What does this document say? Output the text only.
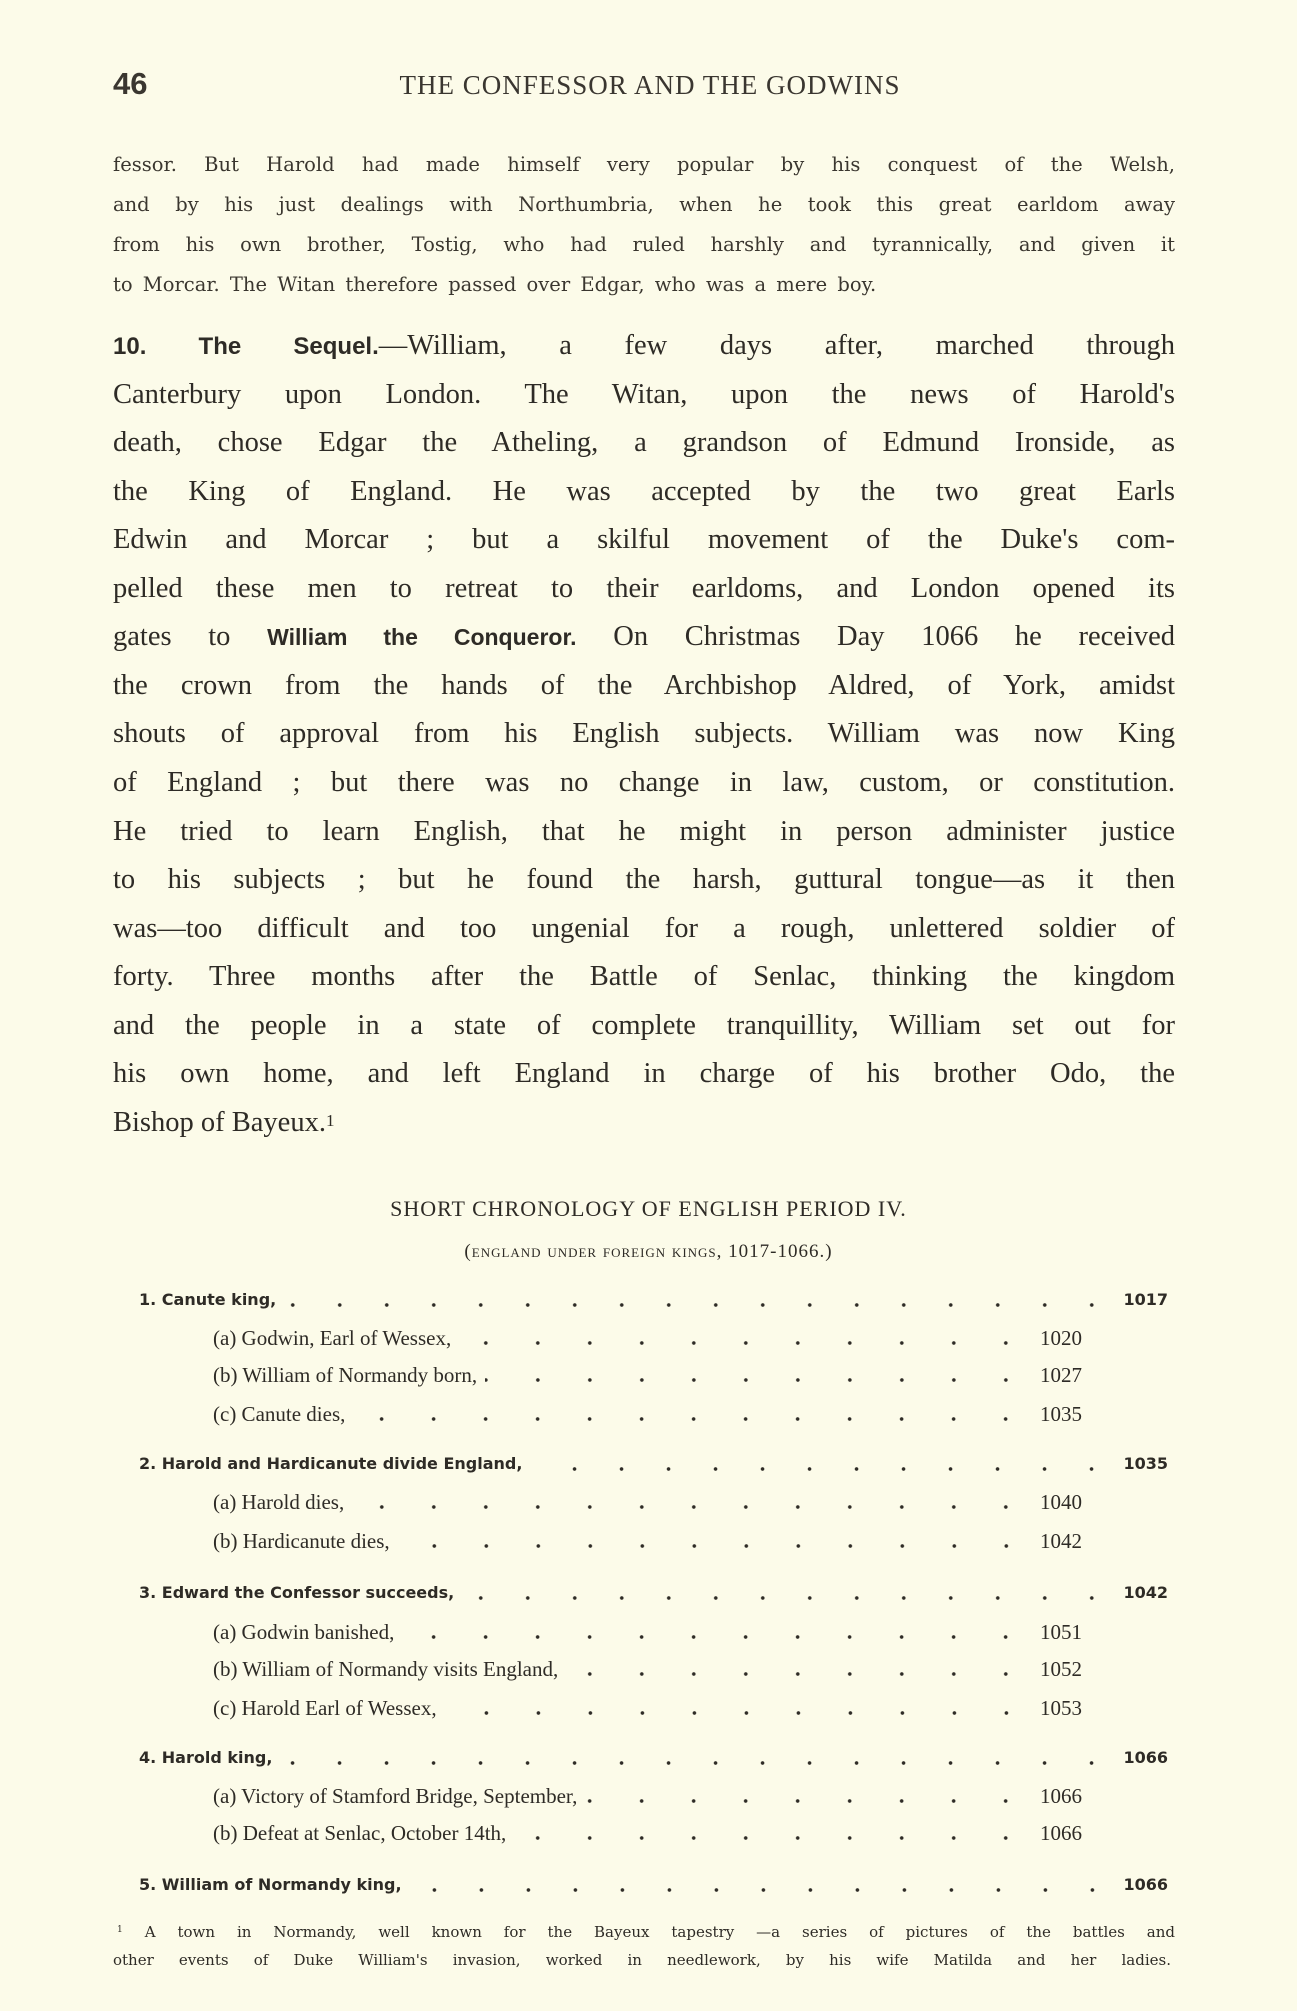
46	THE CONFESSOR AND THE GODWINS
fessor. But Harold had made himself very popular by his conquest of the Welsh,
and by his just dealings with Northumbria, when he took this great earldom away
from his own brother, Tostig, who had ruled harshly and tyrannically, and given it
to Morcar. The Witan therefore passed over Edgar, who was a mere boy.
10. The Sequel.—William, a few days after, marched through
Canterbury upon London. The Witan, upon the news of Harold's
death, chose Edgar the Atheling, a grandson of Edmund Ironside, as
the King of England. He was accepted by the two great Earls
Edwin and Morcar ; but a skilful movement of the Duke's com-
pelled these men to retreat to their earldoms, and London opened its
gates to William the Conqueror. On Christmas Day 1066 he received
the crown from the hands of the Archbishop Aldred, of York, amidst
shouts of approval from his English subjects. William was now King
of England ; but there was no change in law, custom, or constitution.
He tried to learn English, that he might in person administer justice
to his subjects ; but he found the harsh, guttural tongue—as it then
was—too difficult and too ungenial for a rough, unlettered soldier of
forty. Three months after the Battle of Senlac, thinking the kingdom
and the people in a state of complete tranquillity, William set out for
his own home, and left England in charge of his brother Odo, the
Bishop of Bayeux.$^1$
SHORT CHRONOLOGY OF ENGLISH PERIOD IV.
(england under foreign kings, 1017-1066.)
1. Canute king,	1017
(a) Godwin, Earl of Wessex,	1020
(b) William of Normandy born,	1027
(c) Canute dies,	1035
2. Harold and Hardicanute divide England,	1035
(a) Harold dies,	1040
(b) Hardicanute dies,	1042
3. Edward the Confessor succeeds,	1042
(a) Godwin banished,	1051
(b) William of Normandy visits England,	1052
(c) Harold Earl of Wessex,	1053
4. Harold king,	1066
(a) Victory of Stamford Bridge, September,	1066
(b) Defeat at Senlac, October 14th,	1066
5. William of Normandy king,	1066
$^1$ A town in Normandy, well known for the Bayeux tapestry —a series of pictures of the battles and
other events of Duke William's invasion, worked in needlework, by his wife Matilda and her ladies.
